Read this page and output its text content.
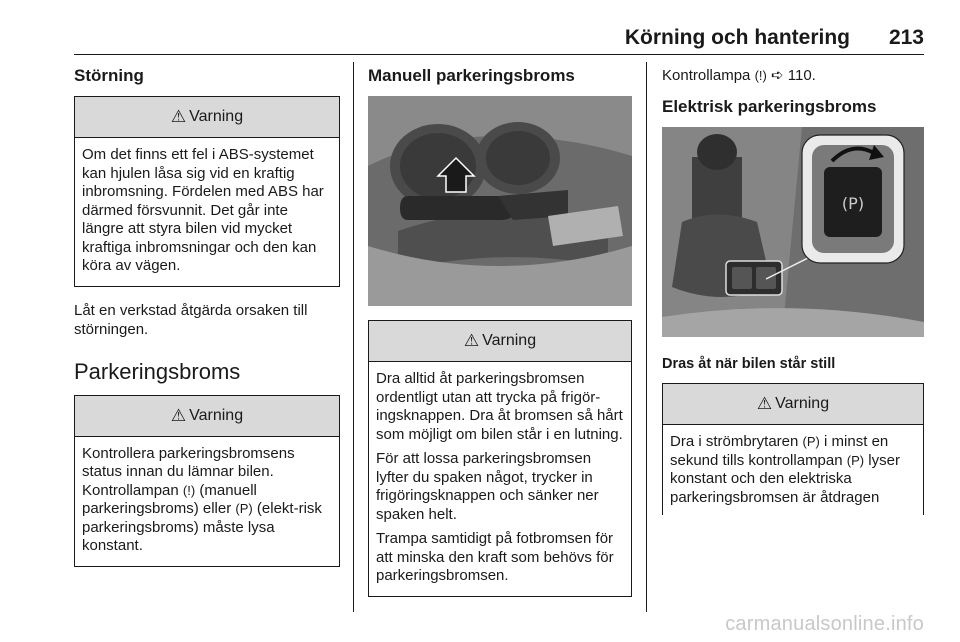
Körning och hantering 213
Störning
⚠ Varning
Om det finns ett fel i ABS-systemet kan hjulen låsa sig vid en kraftig inbromsning. Fördelen med ABS har därmed försvunnit. Det går inte längre att styra bilen vid mycket kraftiga inbromsningar och den kan köra av vägen.

Låt en verkstad åtgärda orsaken till störningen.

Parkeringsbroms
⚠ Varning
Kontrollera parkeringsbromsens status innan du lämnar bilen. Kontrollampan (!) (manuell parkeringsbroms) eller (P) (elekt-risk parkeringsbroms) måste lysa konstant.
Manuell parkeringsbroms
⚠ Varning

Dra alltid åt parkeringsbromsen ordentligt utan att trycka på frigör-ingsknappen. Dra åt bromsen så hårt som möjligt om bilen står i en lutning.

För att lossa parkeringsbromsen lyfter du spaken något, trycker in frigöringsknappen och sänker ner spaken helt.

Trampa samtidigt på fotbromsen för att minska den kraft som behövs för parkeringsbromsen.

Kontrollampa (!) ➪ 110.

Elektrisk parkeringsbroms
(P)

Dras åt när bilen står still

⚠ Varning
Dra i strömbrytaren (P) i minst en sekund tills kontrollampan (P) lyser konstant och den elektriska parkeringsbromsen är åtdragen
carmanualsonline.info
